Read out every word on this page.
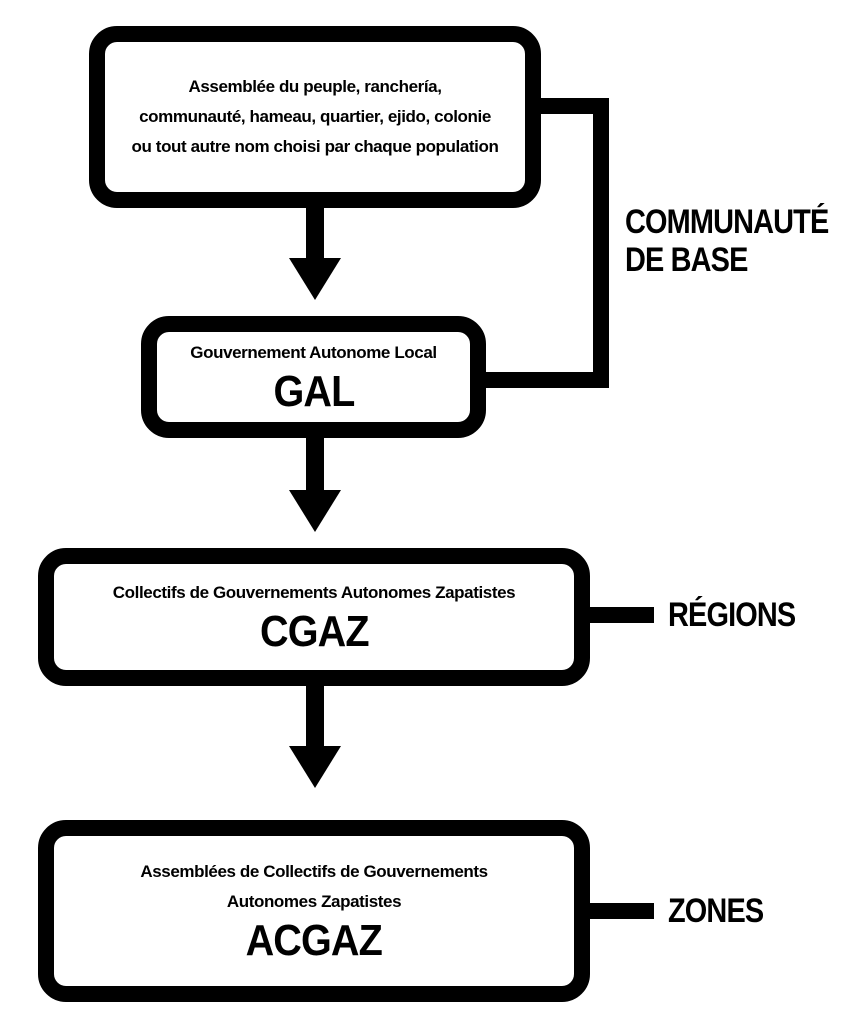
Assemblée du peuple, ranchería,
communauté, hameau, quartier, ejido, colonie
ou tout autre nom choisi par chaque population
Gouvernement Autonome Local
GAL
COMMUNAUTÉ
DE BASE
Collectifs de Gouvernements Autonomes Zapatistes
CGAZ	RÉGIONS
Assemblées de Collectifs de Gouvernements
Autonomes Zapatistes
ACGAZ
ZONES
